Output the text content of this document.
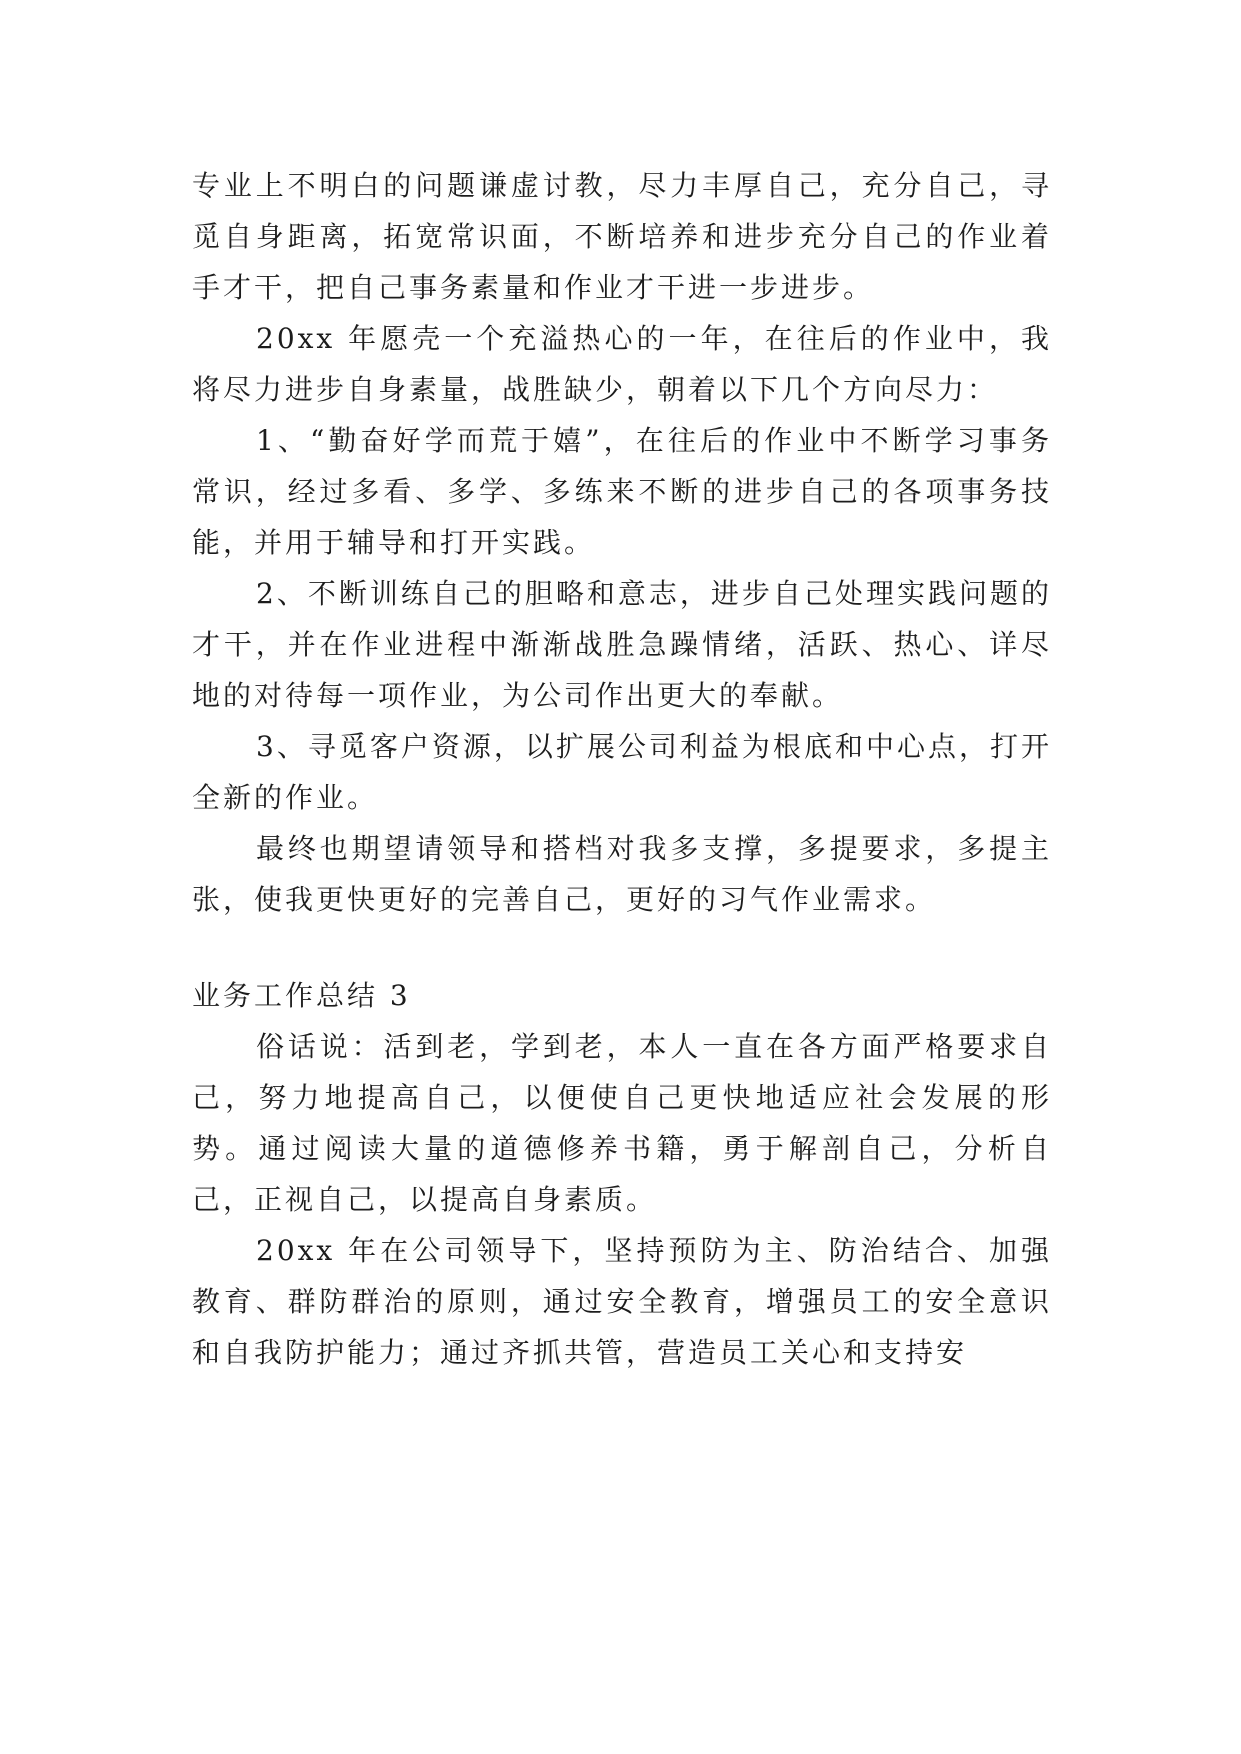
专业上不明白的问题谦虚讨教，尽力丰厚自己，充分自己，寻觅自身距离，拓宽常识面，不断培养和进步充分自己的作业着手才干，把自己事务素量和作业才干进一步进步。

20xx 年愿壳一个充溢热心的一年，在往后的作业中，我将尽力进步自身素量，战胜缺少，朝着以下几个方向尽力：

1、“勤奋好学而荒于嬉”，在往后的作业中不断学习事务常识，经过多看、多学、多练来不断的进步自己的各项事务技能，并用于辅导和打开实践。

2、不断训练自己的胆略和意志，进步自己处理实践问题的才干，并在作业进程中渐渐战胜急躁情绪，活跃、热心、详尽地的对待每一项作业，为公司作出更大的奉献。

3、寻觅客户资源，以扩展公司利益为根底和中心点，打开全新的作业。

最终也期望请领导和搭档对我多支撑，多提要求，多提主张，使我更快更好的完善自己，更好的习气作业需求。

业务工作总结 3

俗话说：活到老，学到老，本人一直在各方面严格要求自己，努力地提高自己，以便使自己更快地适应社会发展的形势。通过阅读大量的道德修养书籍，勇于解剖自己，分析自己，正视自己，以提高自身素质。

20xx 年在公司领导下，坚持预防为主、防治结合、加强教育、群防群治的原则，通过安全教育，增强员工的安全意识和自我防护能力；通过齐抓共管，营造员工关心和支持安
